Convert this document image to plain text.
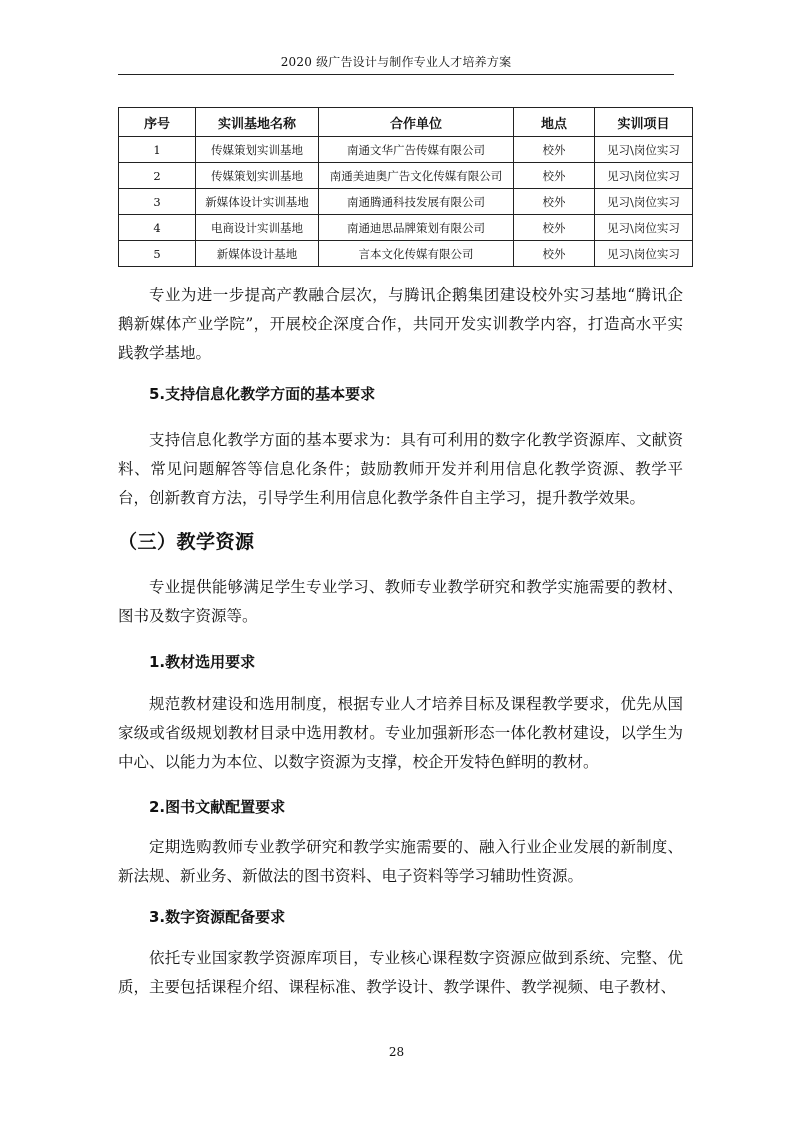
2020 级广告设计与制作专业人才培养方案
序号	实训基地名称	合作单位	地点	实训项目
1	传媒策划实训基地	南通文华广告传媒有限公司	校外	见习\岗位实习
2	传媒策划实训基地	南通美迪奥广告文化传媒有限公司	校外	见习\岗位实习
3	新媒体设计实训基地	南通腾通科技发展有限公司	校外	见习\岗位实习
4	电商设计实训基地	南通迪思品牌策划有限公司	校外	见习\岗位实习
5	新媒体设计基地	言本文化传媒有限公司	校外	见习\岗位实习

专业为进一步提高产教融合层次，与腾讯企鹅集团建设校外实习基地“腾讯企鹅新媒体产业学院”，开展校企深度合作，共同开发实训教学内容，打造高水平实践教学基地。

5.支持信息化教学方面的基本要求

支持信息化教学方面的基本要求为：具有可利用的数字化教学资源库、文献资料、常见问题解答等信息化条件；鼓励教师开发并利用信息化教学资源、教学平台，创新教育方法，引导学生利用信息化教学条件自主学习，提升教学效果。

（三）教学资源

专业提供能够满足学生专业学习、教师专业教学研究和教学实施需要的教材、图书及数字资源等。

1.教材选用要求

规范教材建设和选用制度，根据专业人才培养目标及课程教学要求，优先从国家级或省级规划教材目录中选用教材。专业加强新形态一体化教材建设，以学生为中心、以能力为本位、以数字资源为支撑，校企开发特色鲜明的教材。

2.图书文献配置要求

定期选购教师专业教学研究和教学实施需要的、融入行业企业发展的新制度、新法规、新业务、新做法的图书资料、电子资料等学习辅助性资源。

3.数字资源配备要求

依托专业国家教学资源库项目，专业核心课程数字资源应做到系统、完整、优质，主要包括课程介绍、课程标准、教学设计、教学课件、教学视频、电子教材、

28
